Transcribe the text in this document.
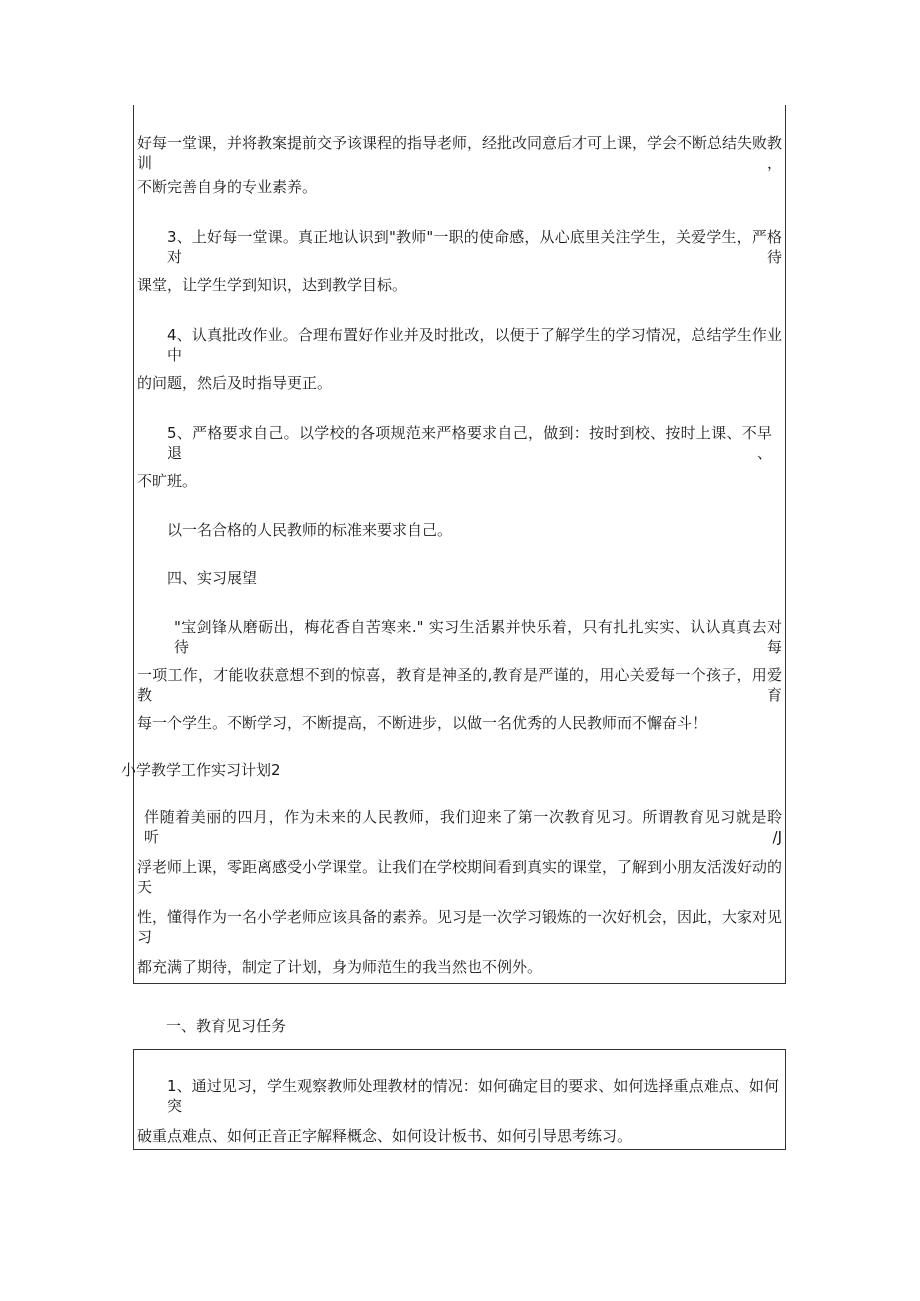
好每一堂课，并将教案提前交予该课程的指导老师，经批改同意后才可上课，学会不断总结失败教训，
不断完善自身的专业素养。
3、上好每一堂课。真正地认识到"教师"一职的使命感，从心底里关注学生，关爱学生，严格对待
课堂，让学生学到知识，达到教学目标。
4、认真批改作业。合理布置好作业并及时批改，以便于了解学生的学习情况，总结学生作业中
的问题，然后及时指导更正。
5、严格要求自己。以学校的各项规范来严格要求自己，做到：按时到校、按时上课、不早退、
不旷班。
以一名合格的人民教师的标准来要求自己。
四、实习展望
"宝剑锋从磨砺出，梅花香自苦寒来." 实习生活累并快乐着，只有扎扎实实、认认真真去对待每
一项工作，才能收获意想不到的惊喜，教育是神圣的,教育是严谨的，用心关爱每一个孩子，用爱教育
每一个学生。不断学习，不断提高，不断进步，以做一名优秀的人民教师而不懈奋斗！
小学教学工作实习计划2
伴随着美丽的四月，作为未来的人民教师，我们迎来了第一次教育见习。所谓教育见习就是聆听/J
浮老师上课，零距离感受小学课堂。让我们在学校期间看到真实的课堂，了解到小朋友活泼好动的天
性，懂得作为一名小学老师应该具备的素养。见习是一次学习锻炼的一次好机会，因此，大家对见习
都充满了期待，制定了计划，身为师范生的我当然也不例外。
一、教育见习任务
1、通过见习，学生观察教师处理教材的情况：如何确定目的要求、如何选择重点难点、如何突
破重点难点、如何正音正字解释概念、如何设计板书、如何引导思考练习。
